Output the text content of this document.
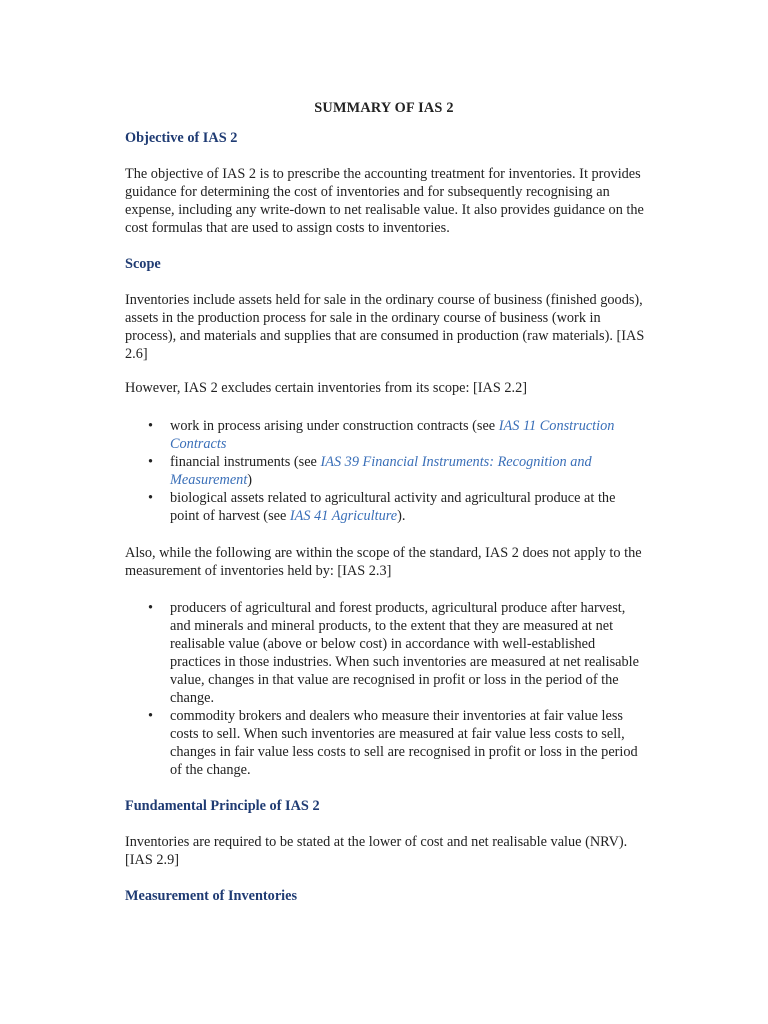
SUMMARY OF IAS 2
Objective of IAS 2

The objective of IAS 2 is to prescribe the accounting treatment for inventories. It provides guidance for determining the cost of inventories and for subsequently recognising an expense, including any write-down to net realisable value. It also provides guidance on the cost formulas that are used to assign costs to inventories.

Scope

Inventories include assets held for sale in the ordinary course of business (finished goods), assets in the production process for sale in the ordinary course of business (work in process), and materials and supplies that are consumed in production (raw materials). [IAS 2.6]

However, IAS 2 excludes certain inventories from its scope: [IAS 2.2]

• work in process arising under construction contracts (see IAS 11 Construction Contracts
• financial instruments (see IAS 39 Financial Instruments: Recognition and Measurement)
• biological assets related to agricultural activity and agricultural produce at the point of harvest (see IAS 41 Agriculture).

Also, while the following are within the scope of the standard, IAS 2 does not apply to the measurement of inventories held by: [IAS 2.3]

• producers of agricultural and forest products, agricultural produce after harvest, and minerals and mineral products, to the extent that they are measured at net realisable value (above or below cost) in accordance with well-established practices in those industries. When such inventories are measured at net realisable value, changes in that value are recognised in profit or loss in the period of the change.
• commodity brokers and dealers who measure their inventories at fair value less costs to sell. When such inventories are measured at fair value less costs to sell, changes in fair value less costs to sell are recognised in profit or loss in the period of the change.
Fundamental Principle of IAS 2

Inventories are required to be stated at the lower of cost and net realisable value (NRV). [IAS 2.9]

Measurement of Inventories
